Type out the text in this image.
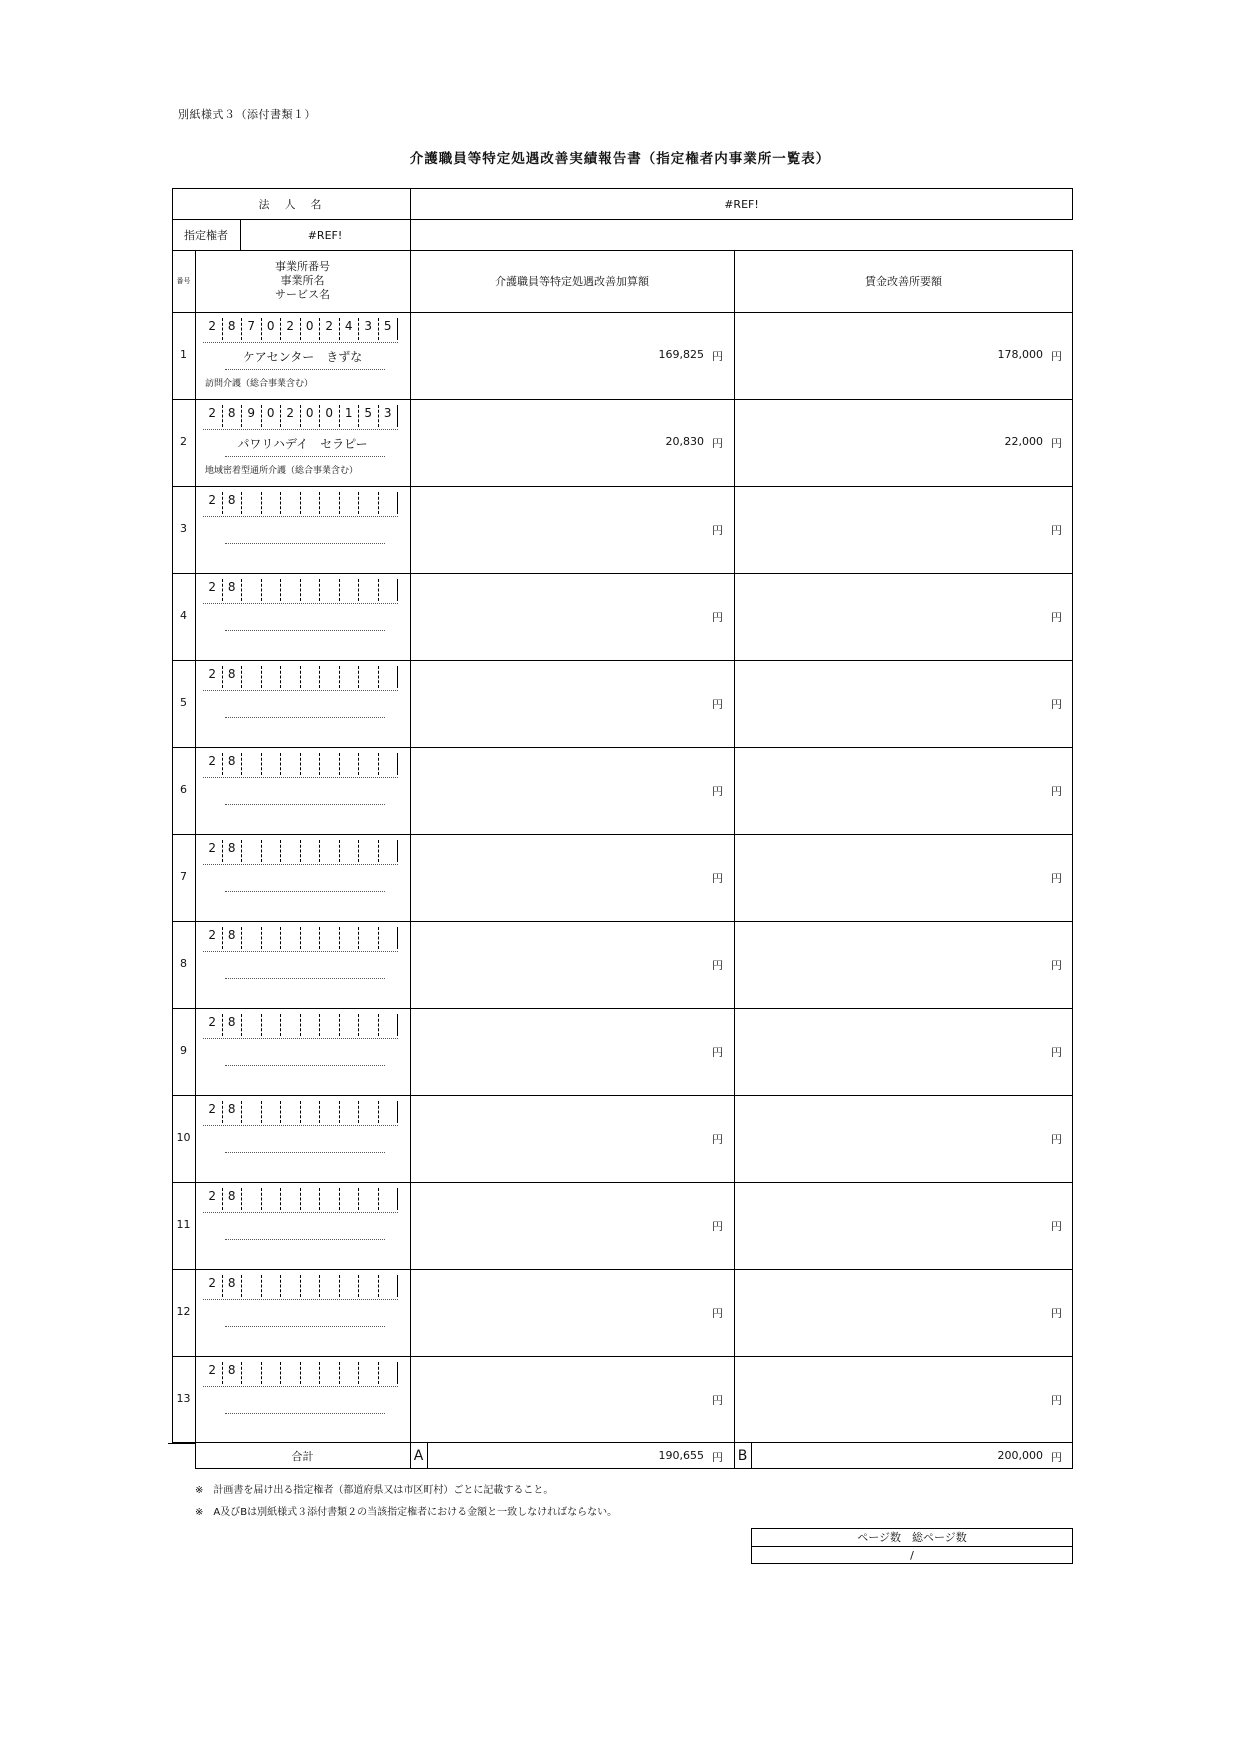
別紙様式３（添付書類１）
介護職員等特定処遇改善実績報告書（指定権者内事業所一覧表）
法　人　名	#REF!
指定権者	#REF!
番号
事業所番号
事業所名
サービス名
介護職員等特定処遇改善加算額	賃金改善所要額
1
2 8 7 0 2 0 2 4 3 5
ケアセンター　きずな
訪問介護（総合事業含む）
169,825 円	178,000 円
2
2 8 9 0 2 0 0 1 5 3
パワリハデイ　セラピー
地域密着型通所介護（総合事業含む）
20,830 円	22,000 円
3
2 8
円	円
4
2 8
円	円
5
2 8
円	円
6
2 8
円	円
7
2 8
円	円
8
2 8
円	円
9
2 8
円	円
10
2 8
円	円
11
2 8
円	円
12
2 8
円	円
13
2 8
円	円
合計	A	190,655 円 B	200,000 円
※　計画書を届け出る指定権者（都道府県又は市区町村）ごとに記載すること。
※　A及びBは別紙様式３添付書類２の当該指定権者における金額と一致しなければならない。
ページ数　総ページ数
/
